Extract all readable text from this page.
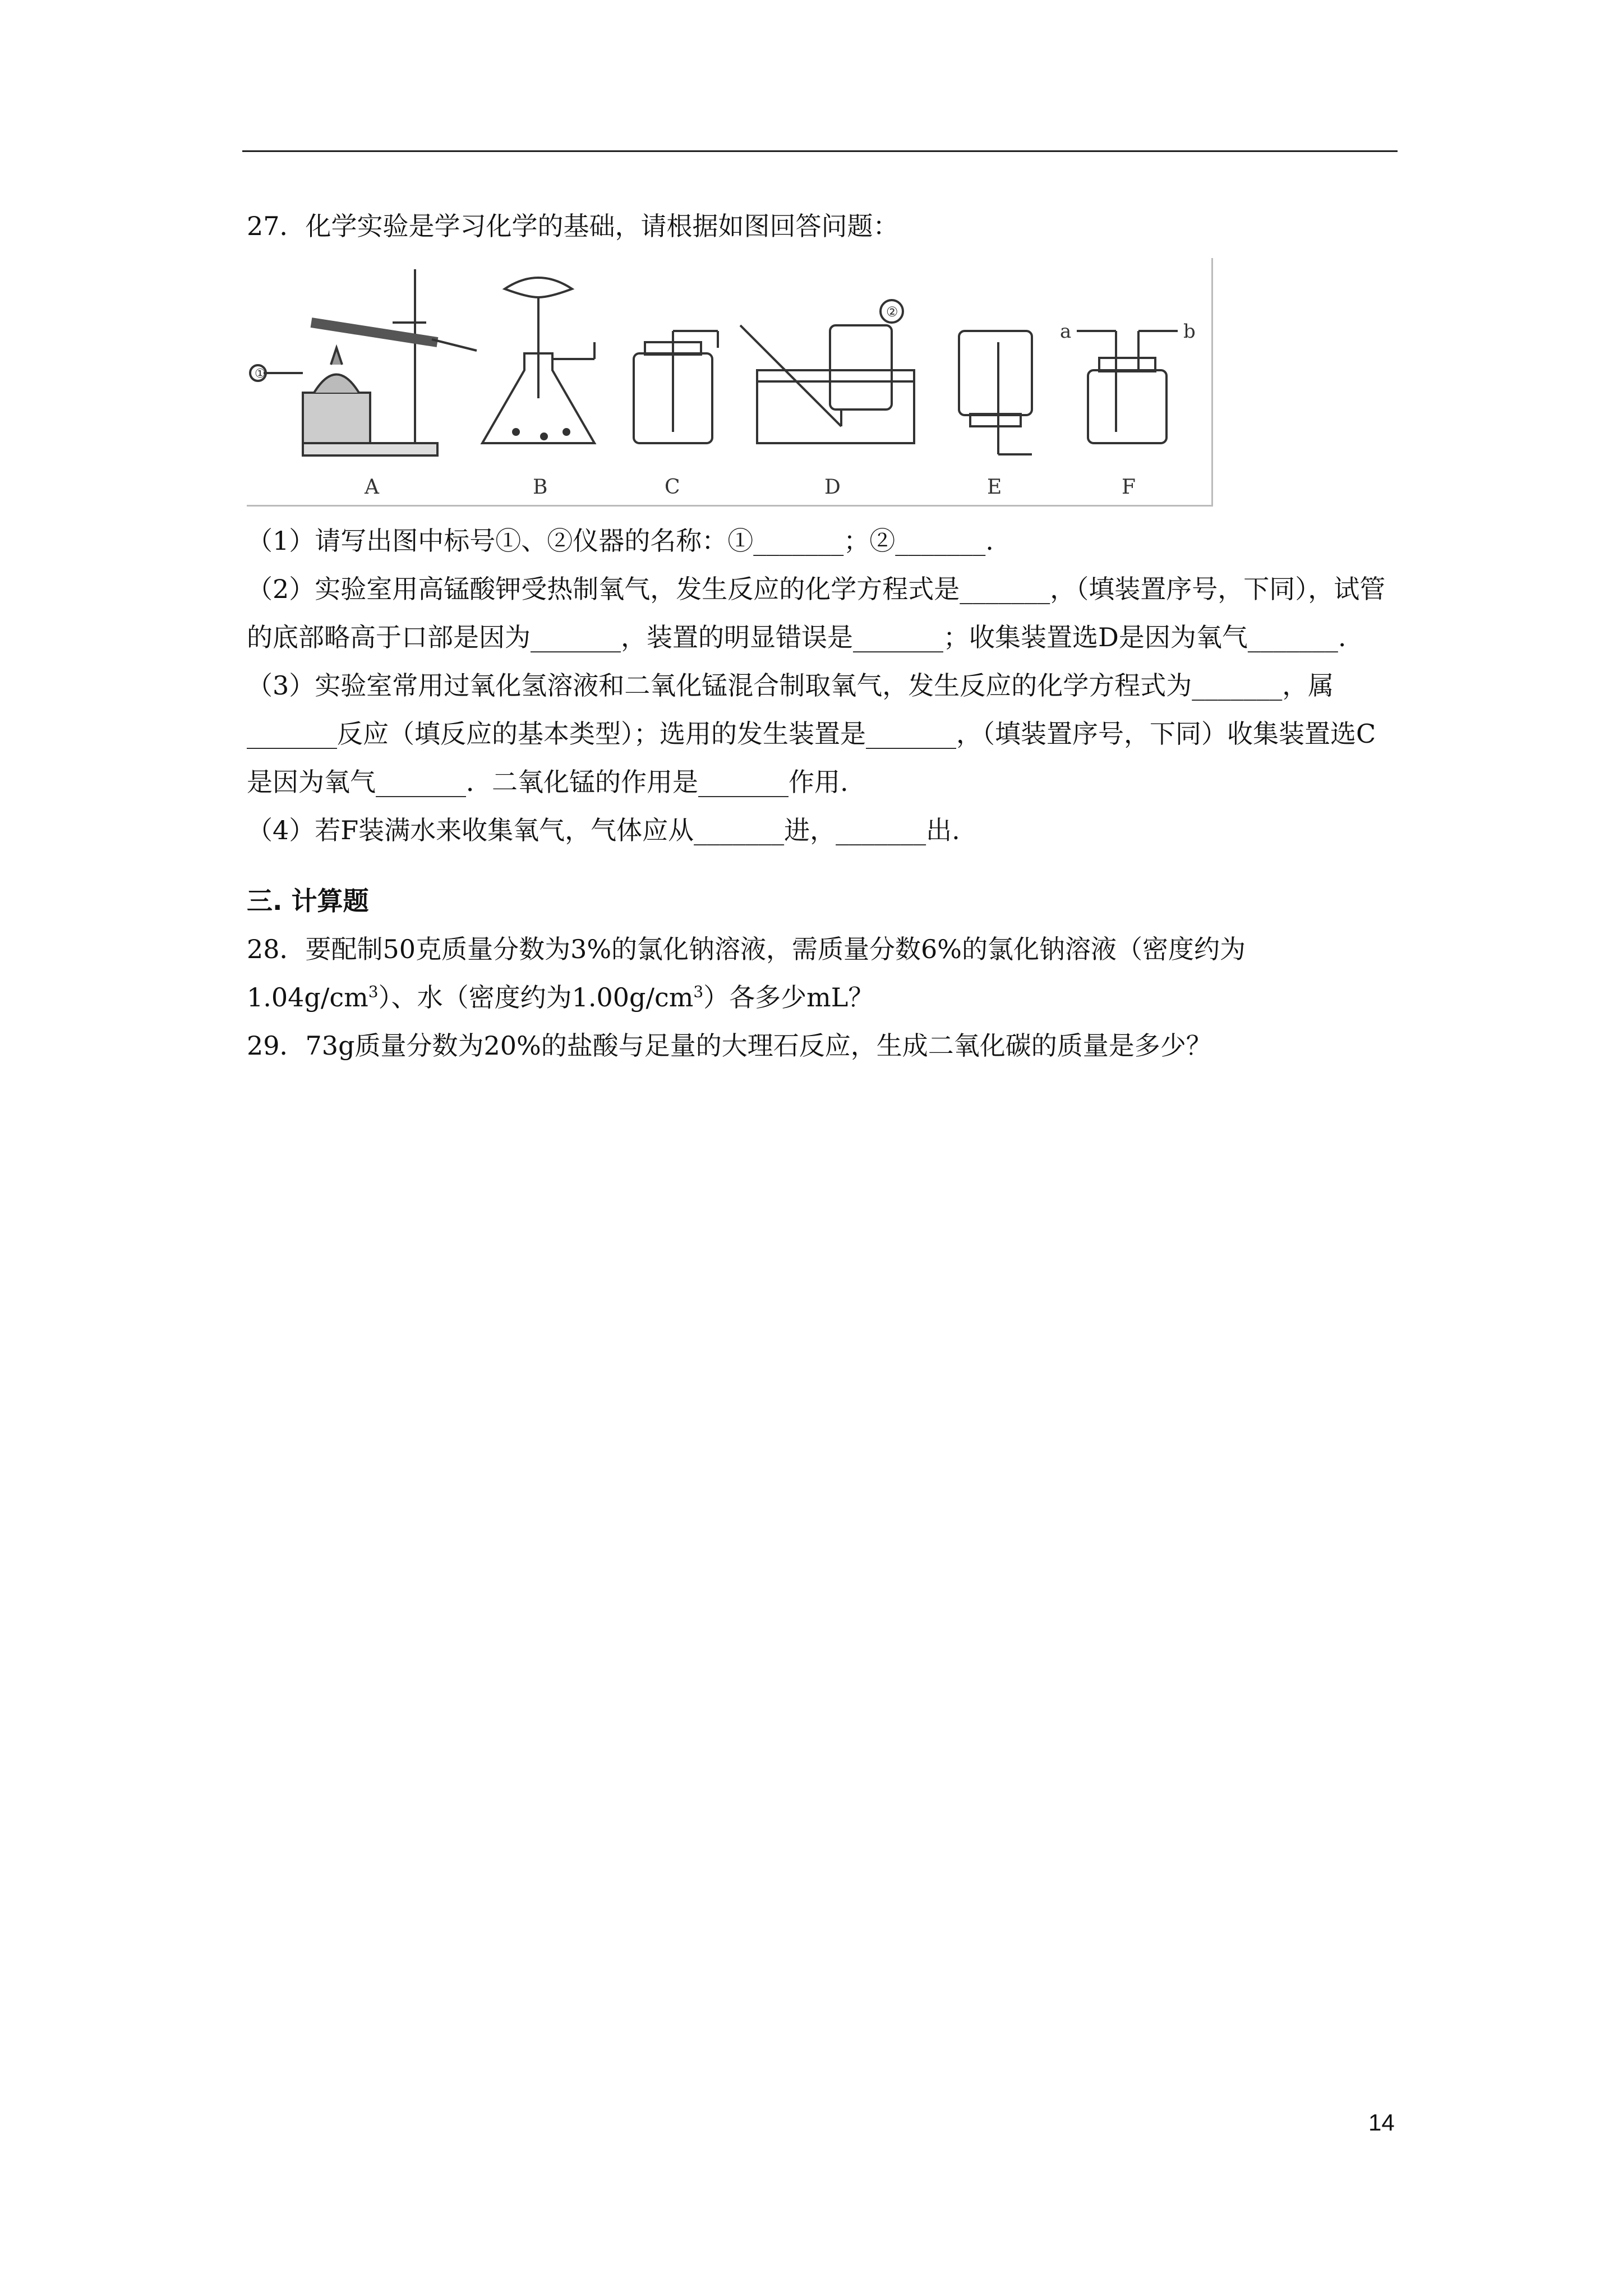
27．化学实验是学习化学的基础，请根据如图回答问题：
①
A	B	C
②
D	E
a	b
F
（1）请写出图中标号①、②仪器的名称：①_______；②_______.
（2）实验室用高锰酸钾受热制氧气，发生反应的化学方程式是_______，（填装置序号，下同），试管的底部略高于口部是因为_______，装置的明显错误是_______；收集装置选D是因为氧气_______.
（3）实验室常用过氧化氢溶液和二氧化锰混合制取氧气，发生反应的化学方程式为_______，属_______反应（填反应的基本类型）；选用的发生装置是_______，（填装置序号，下同）收集装置选C是因为氧气_______．二氧化锰的作用是_______作用.
（4）若F装满水来收集氧气，气体应从_______进，_______出.
三. 计算题
28．要配制50克质量分数为3%的氯化钠溶液，需质量分数6%的氯化钠溶液（密度约为$1.04g/cm^3$）、水（密度约为$1.00g/cm^3$）各多少mL？
29．73g质量分数为20%的盐酸与足量的大理石反应，生成二氧化碳的质量是多少？
14
